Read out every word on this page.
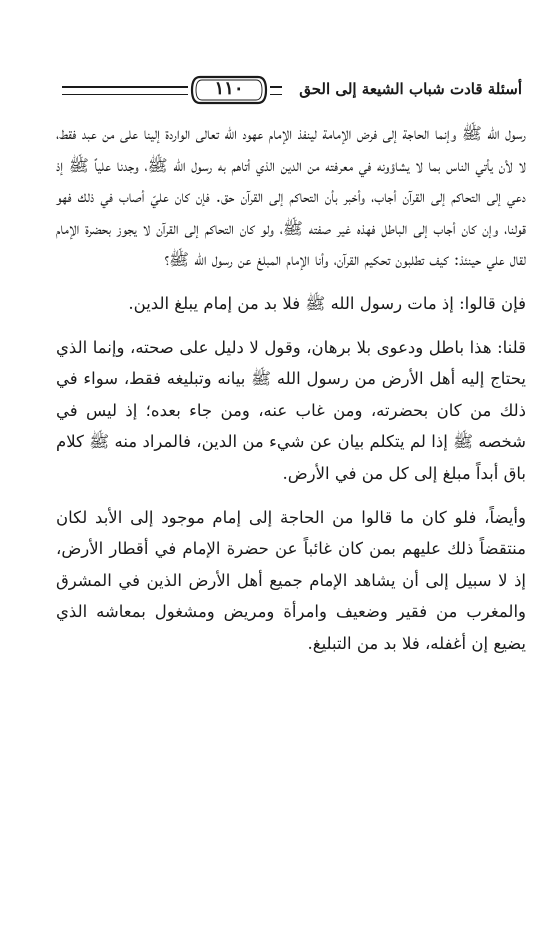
أسئلة قادت شباب الشيعة إلى الحق
١١٠

رسول الله ﷺ وإنما الحاجة إلى فرض الإمامة لينفذ الإمام عهود الله تعالى الواردة إلينا على من عبد فقط، لا لأن يأتي الناس بما لا يشاؤونه في معرفته من الدين الذي أتاهم به رسول الله ﷺ، وجدنا علياً ﷺ إذ دعي إلى التحاكم إلى القرآن أجاب، وأخبر بأن التحاكم إلى القرآن حق. فإن كان عليّ أصاب في ذلك فهو قولنا، وإن كان أجاب إلى الباطل فهذه غير صفته ﷺ، ولو كان التحاكم إلى القرآن لا يجوز بحضرة الإمام لقال علي حينئذ: كيف تطلبون تحكيم القرآن، وأنا الإمام المبلغ عن رسول الله ﷺ؟

فإن قالوا: إذ مات رسول الله ﷺ فلا بد من إمام يبلغ الدين.

قلنا: هذا باطل ودعوى بلا برهان، وقول لا دليل على صحته، وإنما الذي يحتاج إليه أهل الأرض من رسول الله ﷺ بيانه وتبليغه فقط، سواء في ذلك من كان بحضرته، ومن غاب عنه، ومن جاء بعده؛ إذ ليس في شخصه ﷺ إذا لم يتكلم بيان عن شيء من الدين، فالمراد منه ﷺ كلام باق أبداً مبلغ إلى كل من في الأرض.

وأيضاً، فلو كان ما قالوا من الحاجة إلى إمام موجود إلى الأبد لكان منتقضاً ذلك عليهم بمن كان غائباً عن حضرة الإمام في أقطار الأرض، إذ لا سبيل إلى أن يشاهد الإمام جميع أهل الأرض الذين في المشرق والمغرب من فقير وضعيف وامرأة ومريض ومشغول بمعاشه الذي يضيع إن أغفله، فلا بد من التبليغ.
